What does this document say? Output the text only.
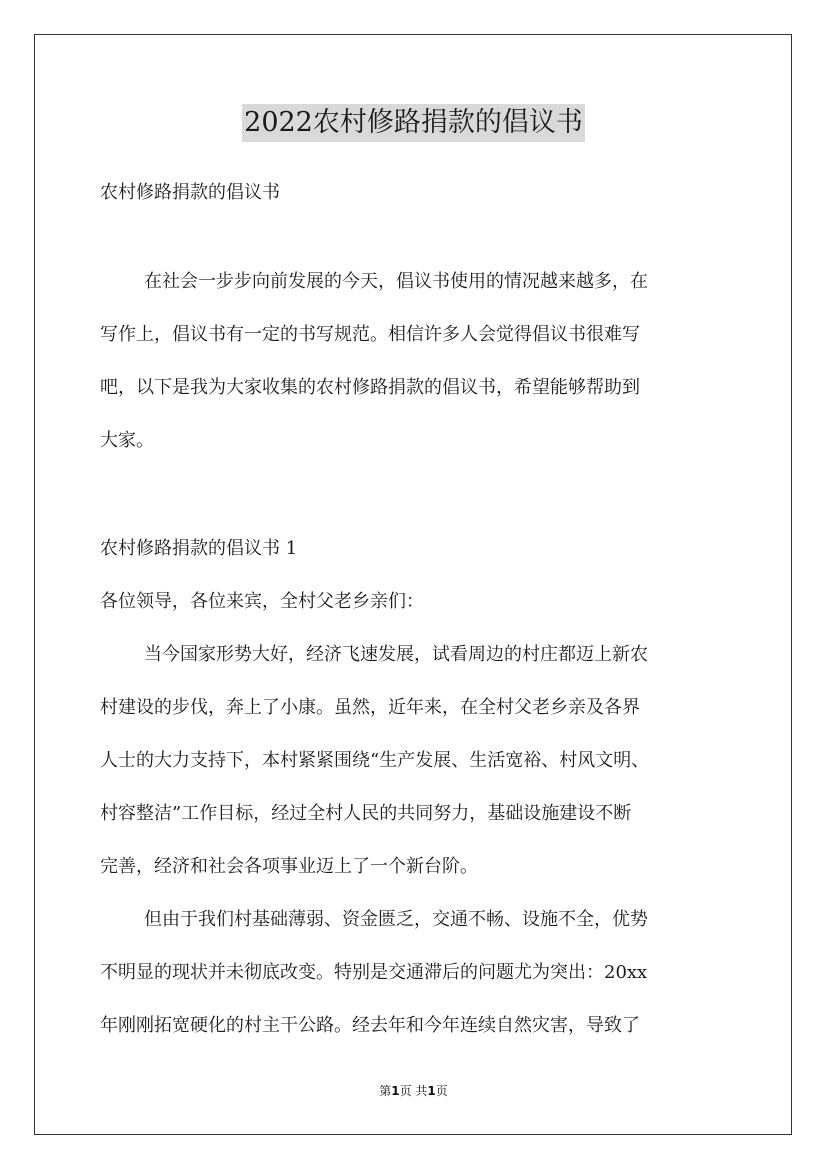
2022农村修路捐款的倡议书
农村修路捐款的倡议书
在社会一步步向前发展的今天，倡议书使用的情况越来越多，在
写作上，倡议书有一定的书写规范。相信许多人会觉得倡议书很难写
吧，以下是我为大家收集的农村修路捐款的倡议书，希望能够帮助到
大家。
农村修路捐款的倡议书 1
各位领导，各位来宾，全村父老乡亲们：
当今国家形势大好，经济飞速发展，试看周边的村庄都迈上新农
村建设的步伐，奔上了小康。虽然，近年来，在全村父老乡亲及各界
人士的大力支持下，本村紧紧围绕“生产发展、生活宽裕、村风文明、
村容整洁”工作目标，经过全村人民的共同努力，基础设施建设不断
完善，经济和社会各项事业迈上了一个新台阶。
但由于我们村基础薄弱、资金匮乏，交通不畅、设施不全，优势
不明显的现状并未彻底改变。特别是交通滞后的问题尤为突出：20xx
年刚刚拓宽硬化的村主干公路。经去年和今年连续自然灾害，导致了
第1页 共1页
